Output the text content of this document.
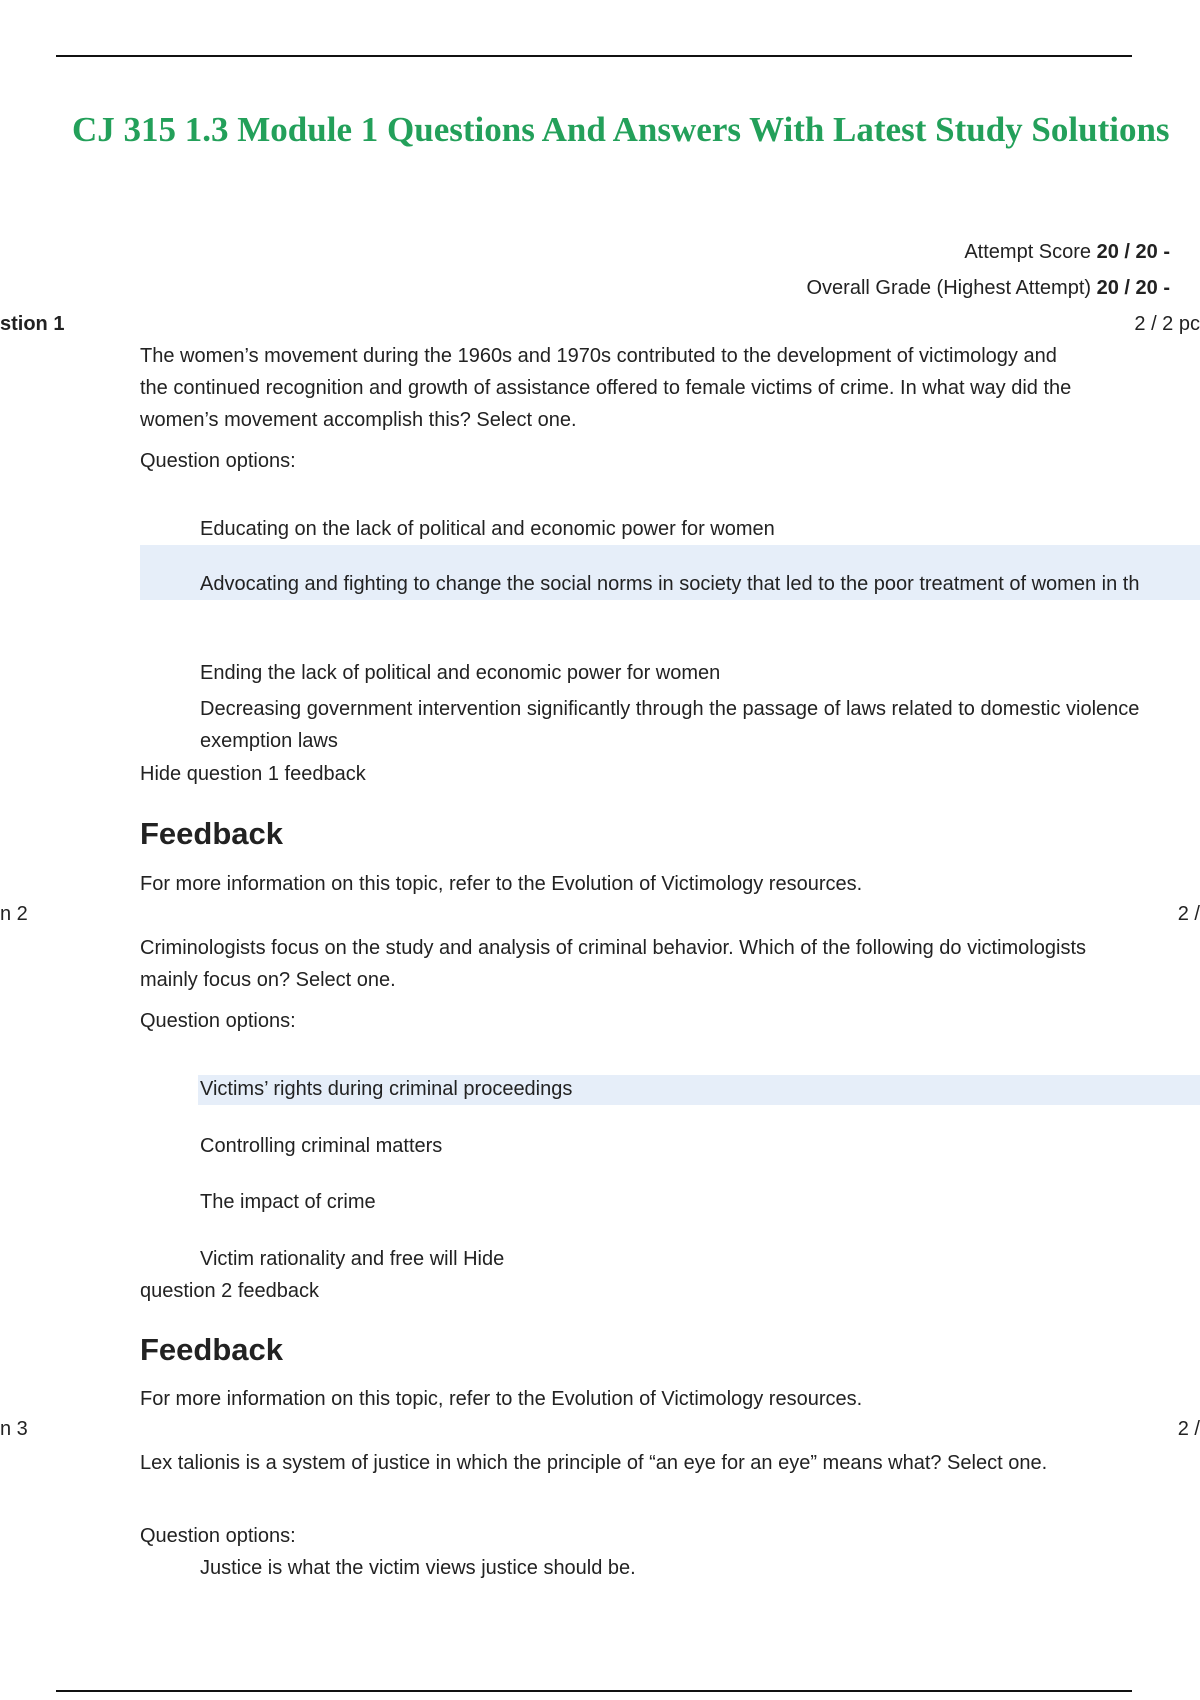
CJ 315 1.3 Module 1 Questions And Answers With Latest Study Solutions
Attempt Score 20 / 20 -
Overall Grade (Highest Attempt) 20 / 20 -
stion 1	2 / 2 pc
The women’s movement during the 1960s and 1970s contributed to the development of victimology and the continued recognition and growth of assistance offered to female victims of crime. In what way did the women’s movement accomplish this? Select one.
Question options:
Educating on the lack of political and economic power for women
Advocating and fighting to change the social norms in society that led to the poor treatment of women in th
Ending the lack of political and economic power for women
Decreasing government intervention significantly through the passage of laws related to domestic violence exemption laws
Hide question 1 feedback
Feedback
For more information on this topic, refer to the Evolution of Victimology resources.
n 2	2 /
Criminologists focus on the study and analysis of criminal behavior. Which of the following do victimologists mainly focus on? Select one.
Question options:
Victims’ rights during criminal proceedings
Controlling criminal matters
The impact of crime
Victim rationality and free will Hide
question 2 feedback
Feedback
For more information on this topic, refer to the Evolution of Victimology resources.
n 3	2 /
Lex talionis is a system of justice in which the principle of “an eye for an eye” means what? Select one.
Question options:
Justice is what the victim views justice should be.
